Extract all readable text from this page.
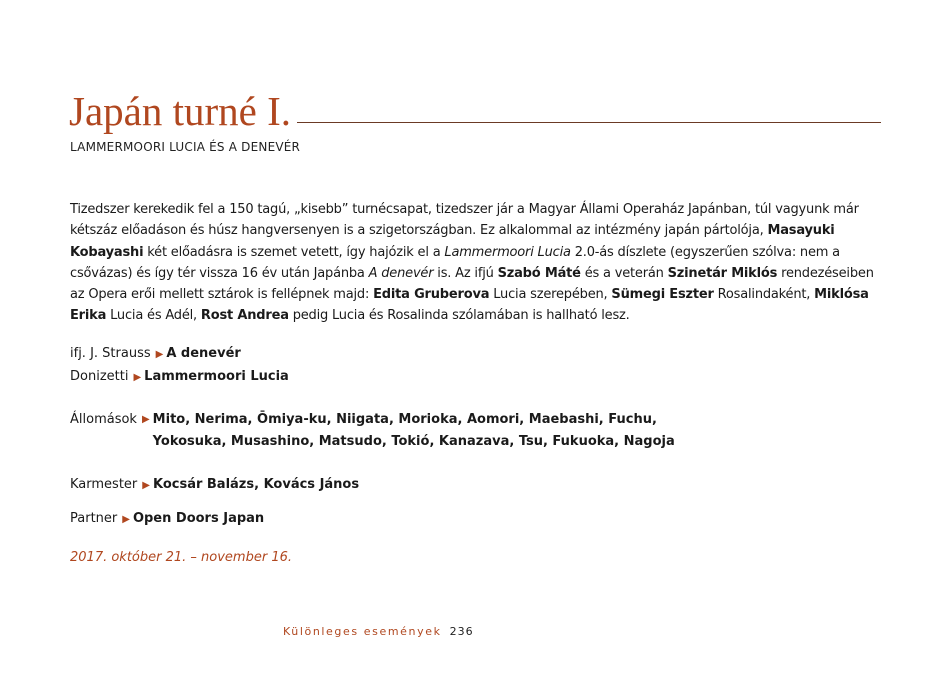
Japán turné I.
LAMMERMOORI LUCIA ÉS A DENEVÉR
Tizedszer kerekedik fel a 150 tagú, „kisebb” turnécsapat, tizedszer jár a Magyar Állami Operaház Japánban, túl vagyunk már kétszáz előadáson és húsz hangversenyen is a szigetországban. Ez alkalommal az intézmény japán pártolója, Masayuki Kobayashi két előadásra is szemet vetett, így hajózik el a Lammermoori Lucia 2.0-ás díszlete (egyszerűen szólva: nem a csővázas) és így tér vissza 16 év után Japánba A denevér is. Az ifjú Szabó Máté és a veterán Szinetár Miklós rendezéseiben az Opera erői mellett sztárok is fellépnek majd: Edita Gruberova Lucia szerepében, Sümegi Eszter Rosalindaként, Miklósa Erika Lucia és Adél, Rost Andrea pedig Lucia és Rosalinda szólamában is hallható lesz.
ifj. J. Strauss ▶ A denevér
Donizetti ▶ Lammermoori Lucia
Állomások ▶ Mito, Nerima, Ōmiya-ku, Niigata, Morioka, Aomori, Maebashi, Fuchu,
Yokosuka, Musashino, Matsudo, Tokió, Kanazava, Tsu, Fukuoka, Nagoja
Karmester ▶ Kocsár Balázs, Kovács János
Partner ▶ Open Doors Japan
2017. október 21. – november 16.
Különleges események 236
